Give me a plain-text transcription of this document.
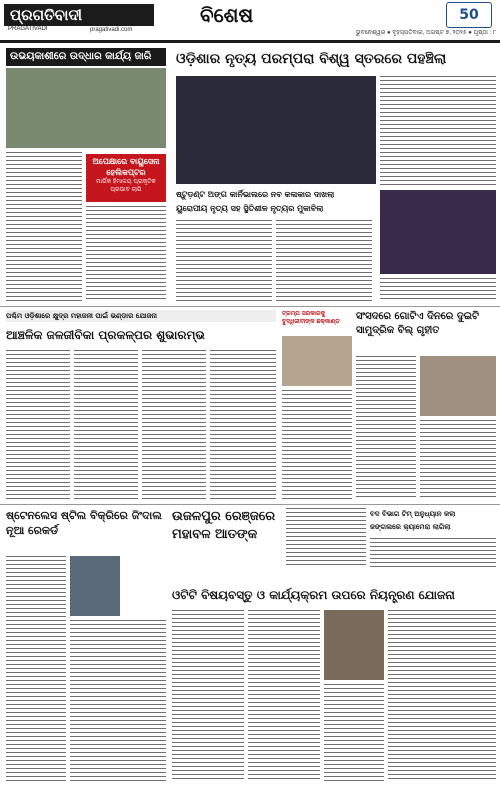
ପ୍ରଗତିବାଦୀ
PRAGATIVADI	pragativadi.com
ବିଶେଷ	50
ଭୁବନେଶ୍ୱର ● ବୃହସ୍ପତିବାର, ଅଗଷ୍ଟ ୭, ୨୦୨୫ ● ପୃଷ୍ଠା : ୮
ଉଭୟକାଶୀରେ ଉଦ୍ଧାର କାର୍ଯ୍ୟ ଜାରି
ଅପେକ୍ଷାରେ ବାୟୁସେନା ହେଲିକପ୍ଟର
ମାର୍ଗିକ ହିମାଳୟ ପ୍ରାକୃତିକ ପ୍ରଭାବ ଲାଗି
ଓଡ଼ିଶାର ନୃତ୍ୟ ପରମ୍ପରା ବିଶ୍ୱ ସ୍ତରରେ ପହଞ୍ଚିଲା
ଷ୍ଟୁଡ଼ଣ୍ଟ ଅଙ୍ଗ କାର୍ନିଭାଲରେ ନବ କଳାକାର ଦାଖଲା
ୟୁରୋପୀୟ ନୃତ୍ୟ ସହ ସ୍ଥିତିଶୀଳ ନୃତ୍ୟର ମୁକାବିଲା
ପଶ୍ଚିମ ଓଡ଼ିଶାରେ କ୍ଷୁଦ୍ର ମହାଜନୀ ପାଇଁ ଭଣ୍ଡାର ଯୋଜନା
ଆଞ୍ଚଳିକ ଜଳଜୀବିକା ପ୍ରକଳ୍ପର ଶୁଭାରମ୍ଭ
ଟ୍ରମ୍ପ ସରକାରକୁ ବୁଦ୍ଧିଜୀବୀଙ୍କ ଛକ୍କାଣ୍ଡ	ସଂସଦରେ ଗୋଟିଏ ଦିନରେ ଦୁଇଟି ସାମୁଦ୍ରିକ ବିଲ୍ ଗୃହୀତ
ଷ୍ଟେନଲେସ ଷ୍ଟିଲ ବିକ୍ରିରେ ଜିଂଦାଲ ନୂଆ ରେକର୍ଡ
ଉଜଳପୁର ରେଞ୍ଜରେ ମହାବଳ ଆତଙ୍କ
ବଦ ବିଭାଗ ଟିମ୍ ଅନୁଧ୍ୟାନ କଲା
ଜଙ୍ଗଲରେ କ୍ୟାମେରା ଲାଗିଲା
ଓଟିଟି ବିଷୟବସ୍ତୁ ଓ କାର୍ଯ୍ୟକ୍ରମ ଉପରେ ନିୟନ୍ତ୍ରଣ ଯୋଜନା
